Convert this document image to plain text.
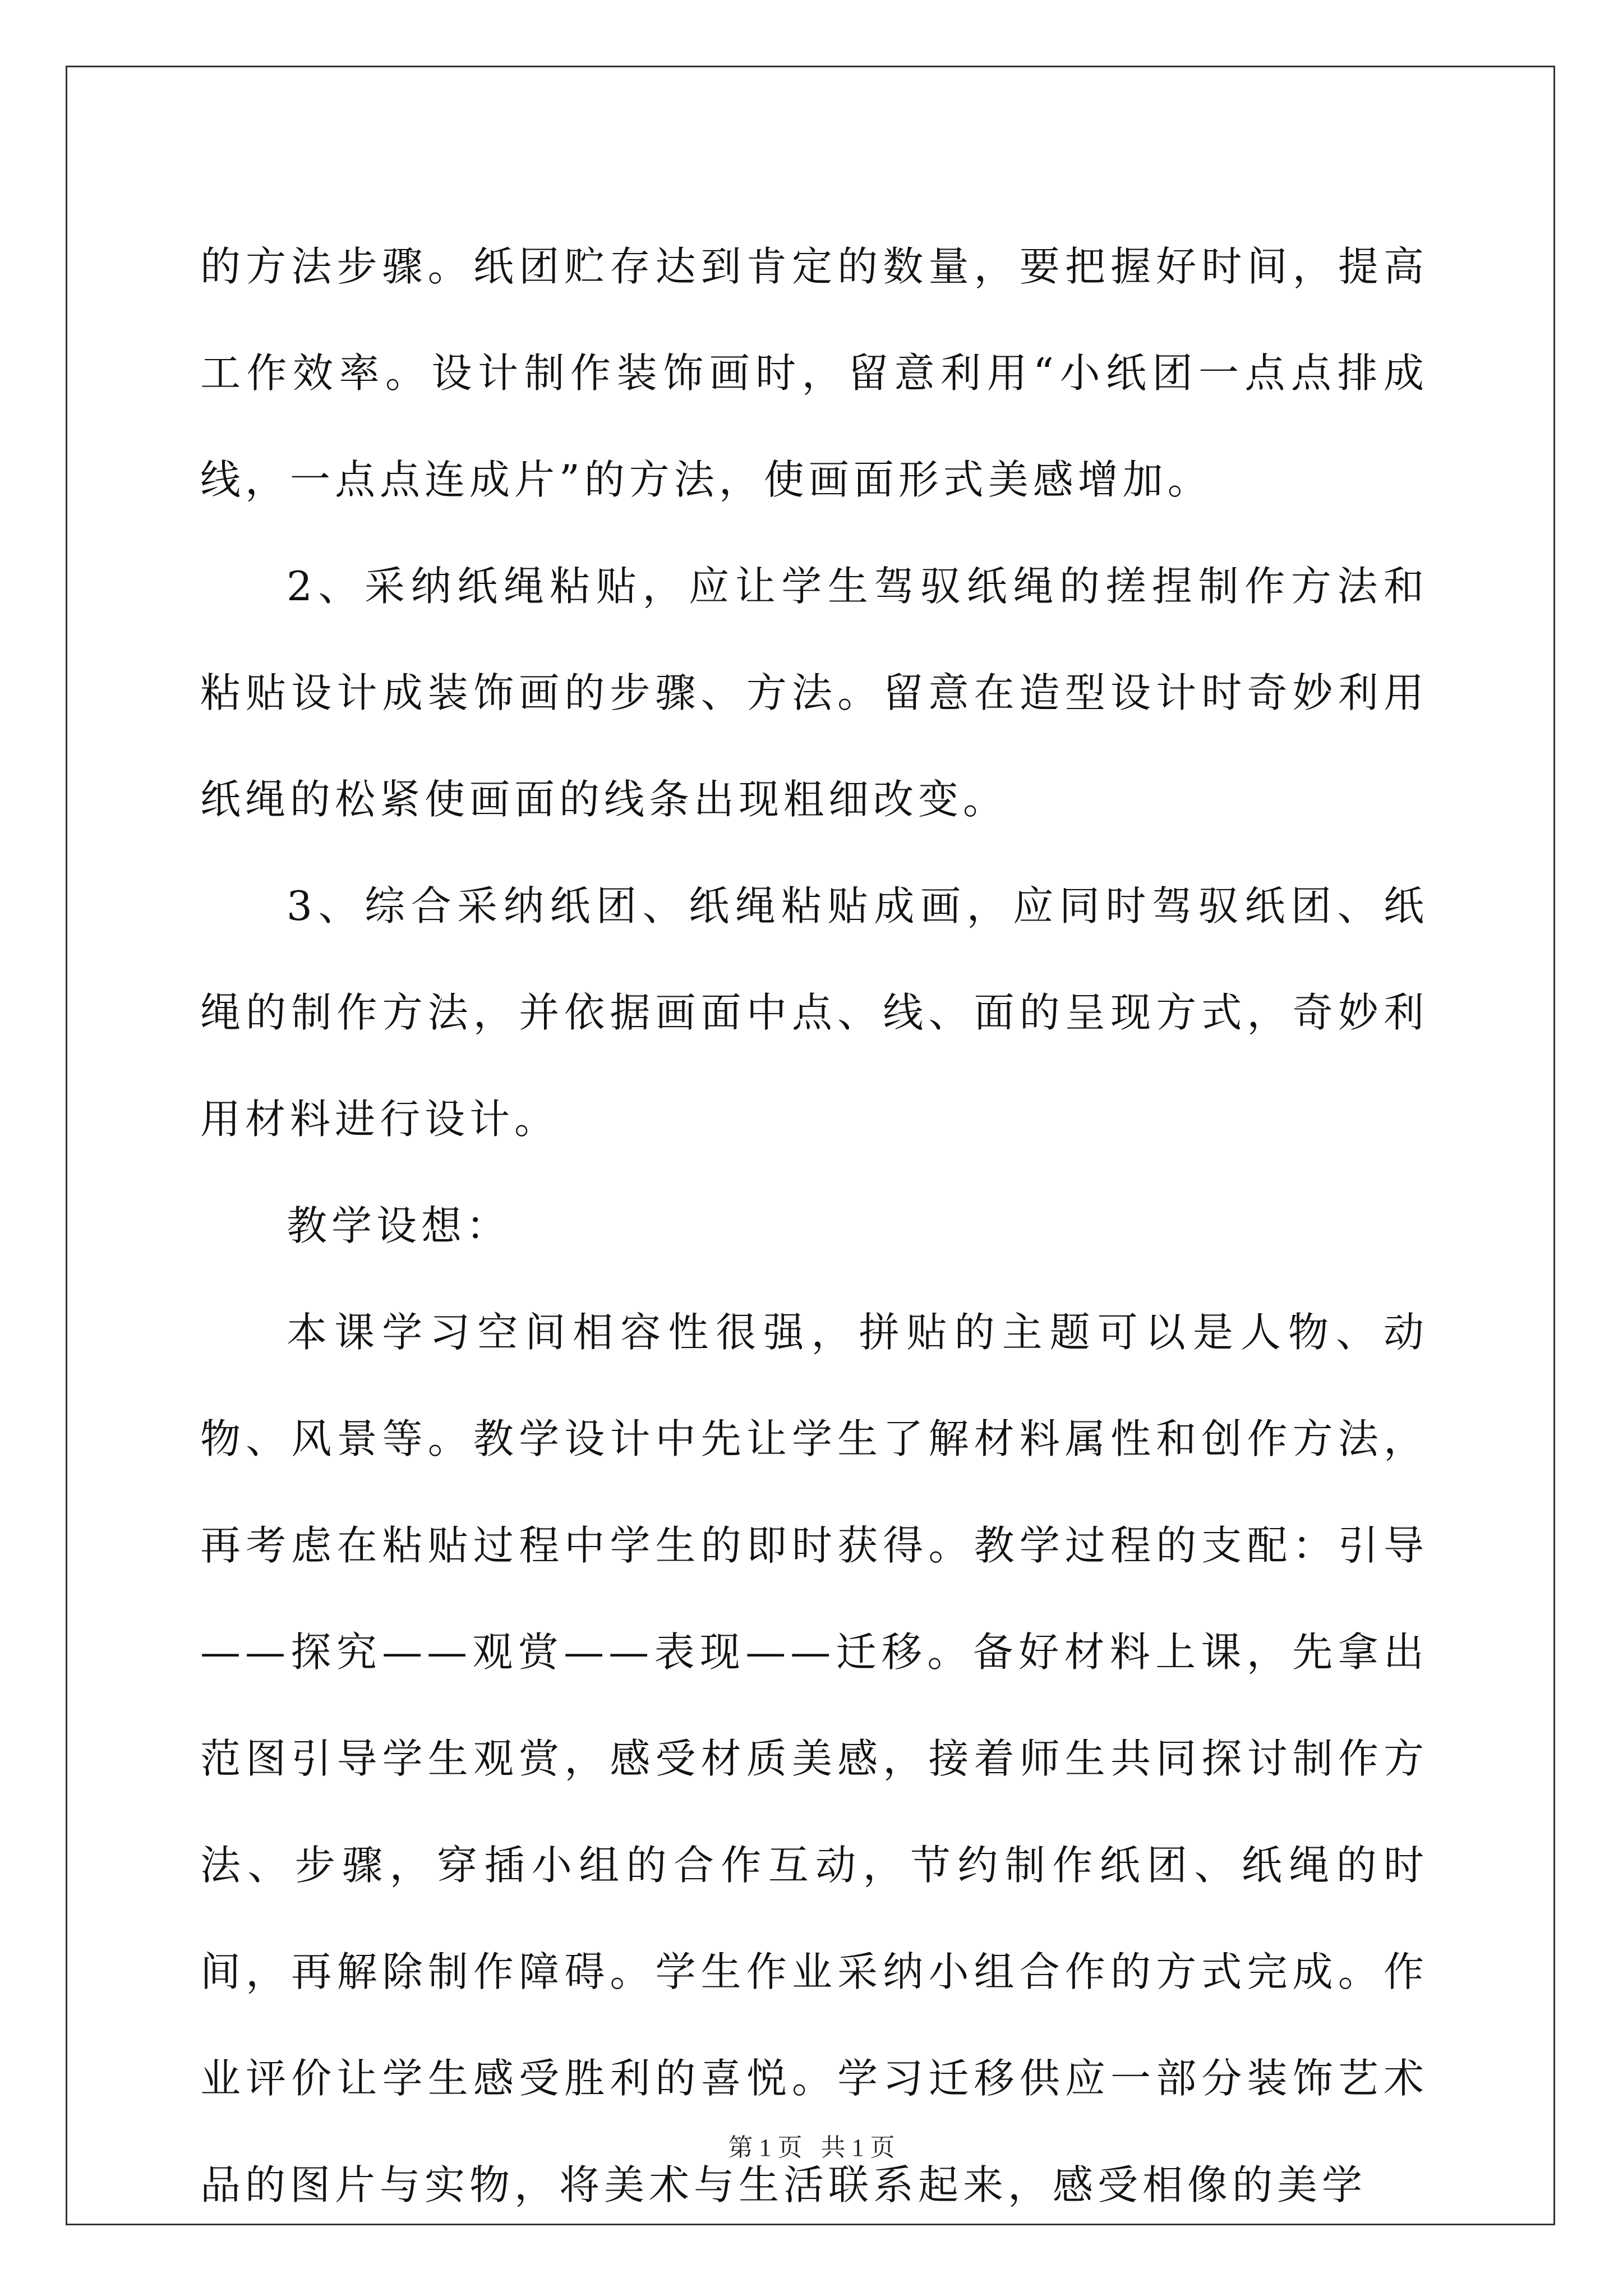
的方法步骤。纸团贮存达到肯定的数量，要把握好时间，提高工作效率。设计制作装饰画时，留意利用“小纸团一点点排成线，一点点连成片”的方法，使画面形式美感增加。

2、采纳纸绳粘贴，应让学生驾驭纸绳的搓捏制作方法和粘贴设计成装饰画的步骤、方法。留意在造型设计时奇妙利用纸绳的松紧使画面的线条出现粗细改变。

3、综合采纳纸团、纸绳粘贴成画，应同时驾驭纸团、纸绳的制作方法，并依据画面中点、线、面的呈现方式，奇妙利用材料进行设计。

教学设想：

本课学习空间相容性很强，拼贴的主题可以是人物、动物、风景等。教学设计中先让学生了解材料属性和创作方法，再考虑在粘贴过程中学生的即时获得。教学过程的支配：引导——探究——观赏——表现——迁移。备好材料上课，先拿出范图引导学生观赏，感受材质美感，接着师生共同探讨制作方法、步骤，穿插小组的合作互动，节约制作纸团、纸绳的时间，再解除制作障碍。学生作业采纳小组合作的方式完成。作业评价让学生感受胜利的喜悦。学习迁移供应一部分装饰艺术品的图片与实物，将美术与生活联系起来，感受相像的美学

第 1 页   共 1 页
